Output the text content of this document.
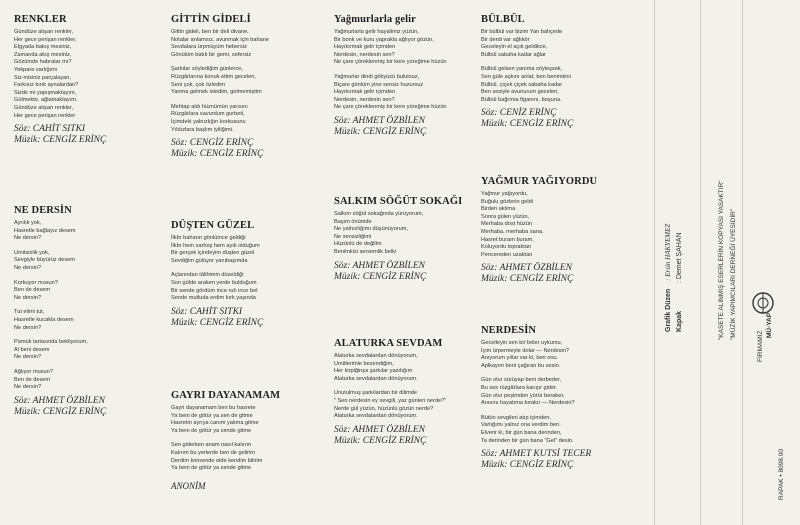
RENKLER
Gündüze alışan renkler,
Her gece perişan renkler,
Elgyada bakış mesiniz,
Zamanda akış mesiniz,
Gözümde habratar mı?
Yekpare varlığımı
Siz misiniz parçalayan,
Farkısız kırık aynalardan?
Sizde mi yapışmaktayım,
Gülmekte, ağlamaktayım.
Gündüze alışan renkler,
Her gece perişan renkler
Söz: CAHİT SITKI
Müzik: CENGİZ ERİNÇ
NE DERSİN
Ayrılık yok,
Hasretle bağlayız desem
Ne dersin?
Umitsizlik yok,
Sevgiyle büyürüz desem
Ne dersin?
Korkuyor musun?
Ben de desem
Ne dersin?
Tut elimi tut,
Hasretle kucakla desem
Ne dersin?
Pamuk tarlasında bekliyorum,
Al beni desem
Ne dersin?
Ağlıyor musun?
Ben de desem
Ne dersin?
Söz: AHMET ÖZBİLEN
Müzik: CENGİZ ERİNÇ
GİTTİN GİDELİ
Gittin gideli, ben bir deli divane,
Notalar anlamsız, avunmak için bahane
Sevdalara ürpmüyüm hebersiz
Gönülüm batık bir gemi, sefersiz
Şarkılar söylediğim günlerce,
Rüzgârlarına konuk ettim geceleri,
Seni çok, çok özledim
Yanma gelmek istedim, gelmemiştim
Mehtap aldı hüznümün yarısını
Rüzgârlara savurdum gurbeti,
İçimdeki yalnızlığın korkusunu
Yıldızlara başlım iyiliğimi.
Söz: CENGİZ ERİNÇ
Müzik: CENGİZ ERİNÇ
DÜŞTEN GÜZEL
İlkbr baharın gönlümce geldiği
İlkbr hem sarhoş hem ayık olduğum
Bir gerçek içindeyim düşten güzel
Sevdiğim gülüyor yanıbaşımda
Açlarından tâlihimin düzeldiği
Son gülde araken yerde bulduğum
Bir sende gördüm ince ruh ince bel
Sende mutluda erdim kırk yaşında
Söz: CAHİT SITKI
Müzik: CENGİZ ERİNÇ
GAYRI DAYANAMAM
Gayri dayanamam ben bu hasrete
Ya beni de götür ya sen de gitme
Hasretin ayrıya canım yakma gitme
Ya beni de götür ya sende gitme
Sen giderken anam nasıl kalırım
Kalırım bu yerlerde ben de gelirim
Derdim kimsende elde kendim bilirim
Ya beni de götür ya sende gitme
ANONİM
Yağmurlarla gelir
Yağmurlarla gelir hayalimiz yüzün,
Bir bonk ve kuru yaprakla ağlıyor gözün,
Hayıkırmak gelir içimden
Nerdesin, nerdesin sen?
Ne çare çöreklenmiş bir kere yüreğime hüzün
Yağmurlar dindi gökyüzü bulutsuz,
Biçare gönlüm yine sensiz huzursuz
Hayıkırmak gelir içimden
Nerdesin, nerdesin sen?
Ne çare çöreklenmiş bir kere yüreğime hüzün
Söz: AHMET ÖZBİLEN
Müzik: CENGİZ ERİNÇ
SALKIM SÖĞÜT SOKAĞI
Salkım söğüt sokağında yürüyorum,
Başım önümde
Ne yalnızlığımı düşünüyorum,
Ne sensizliğimi
Hüzünlü de değilim
Benimkisi sersemlik belki
Söz: AHMET ÖZBİLEN
Müzik: CENGİZ ERİNÇ
ALATURKA SEVDAM
Alaturka sevdalardan dönüyorum,
Umitlerimle bezendiğim,
Her kirpiğinşa şarkılar yazdığım
Alaturka sevdalardan dönüyorum.
Unutulmuş şarkılardan bir dilimde
" Sen nerdesin ey sevgili, yaz günleri nerde?"
Nerde gül yüzün, hüzünlü gözün nerde?
Alaturka sevdalardan dönüyorum.
Söz: AHMET ÖZBİLEN
Müzik: CENGİZ ERİNÇ
BÜLBÜL
Bir bülbül var bizim Yan bahçede
Bir derdi var ağlıkör
Geceleyin el açık geldikce,
Bülbül sabaha kadar ağlar
Bülbül gelsen yanıma söyleşsek,
Sen güle açkını anlat, ben benimkini
Bülbül, çiçek çiçek sabaha kadar
Ben sesiyle avunurum geceleri,
Bülbül bağrıma figanını, boşuna.
Söz: CENİZ ERİNÇ
Müzik: CENGİZ ERİNÇ
YAĞMUR YAĞIYORDU
Yağmur yağıyordu,
Buğulu gözlerin geldi
Birden aklıma
Sonra gülen yüzün,
Merhaba dost hüzün
Merhaba, merhaba sana,
Hasret buram buram,
Koluyordu topraktan
Pencereden uzaktan
Söz: AHMET ÖZBİLEN
Müzik: CENGİZ ERİNÇ
NERDESİN
Gecelleyin sen bir böler uykumu,
İçim ürpermeyle dolar — Nerdesin?
Anıyorum yıllar var ki, ben onu.
Aplkayım beni çağıran bu sesin.
Gün olur sürüyap beni derbeder,
Bu ses rüzgârlara karışır gider.
Gün olur peşimden yürür beraber,
Anısını hayatıma bırakır — Nerdesin?
Bütün sevgileri atıp içimden,
Varlığımı yalnız ona verdim ben.
Elverir ki, bir gün bana derinden,
Ta derinden bir gün bana "Gel" desin.
Söz: AHMET KUTSİ TECER
Müzik: CENGİZ ERİNÇ
Grafik Düzen : Ersin HAKYEMEZ
Kapak : Demet ŞAHAN	"KASETE ALINMIŞ ESERLERİN KOPYASI YASAKTIR" "MÜZİK YAPIMCILARI DERNEĞİ ÜYESİDİR"
FİRMAMIZ
MÜ-YAP
RAPAK • 8098.00
